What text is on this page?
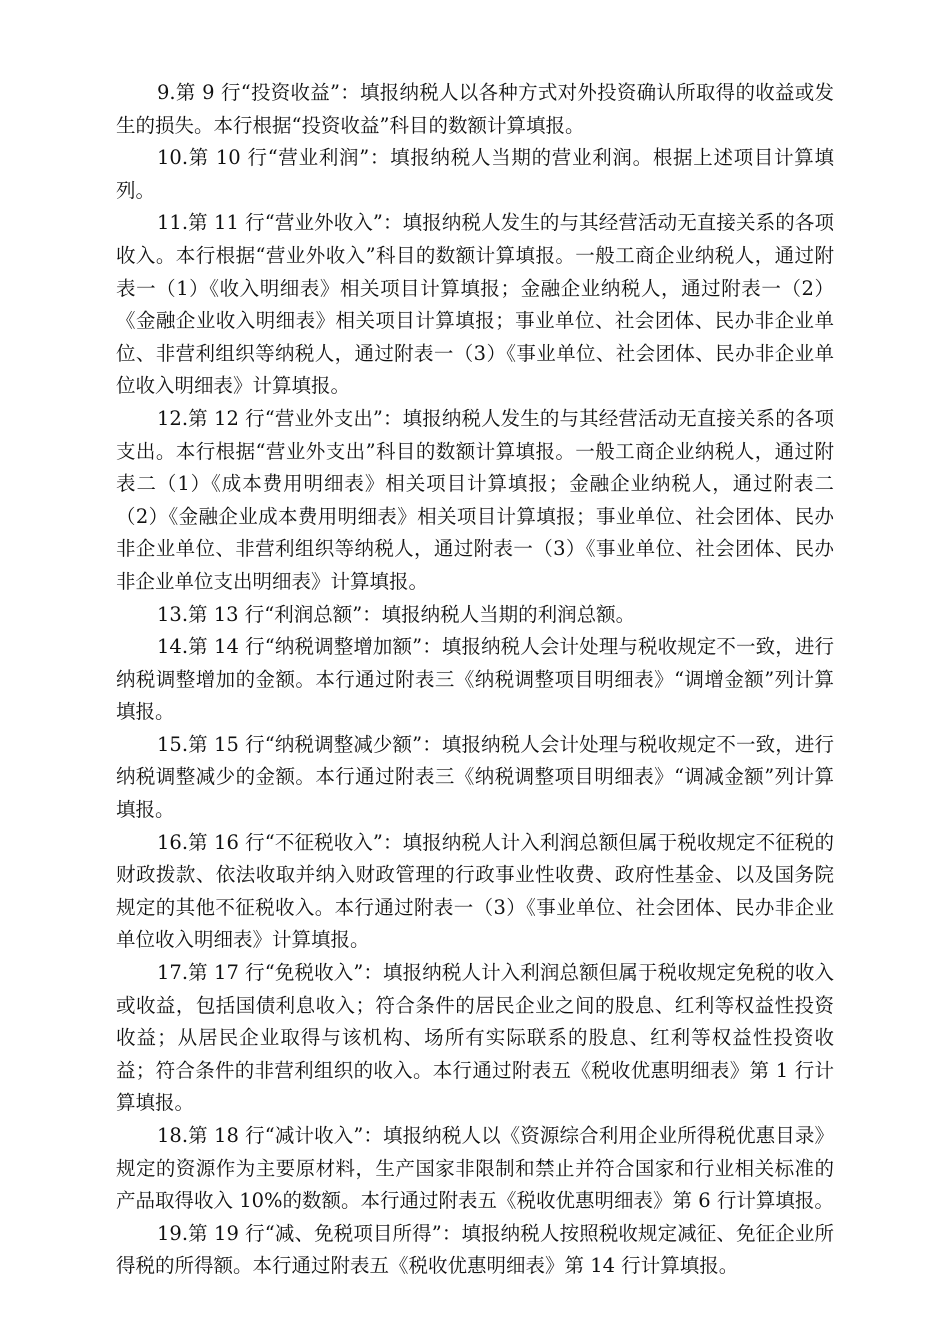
9.第 9 行“投资收益”：填报纳税人以各种方式对外投资确认所取得的收益或发生的损失。本行根据“投资收益”科目的数额计算填报。

10.第 10 行“营业利润”：填报纳税人当期的营业利润。根据上述项目计算填列。

11.第 11 行“营业外收入”：填报纳税人发生的与其经营活动无直接关系的各项收入。本行根据“营业外收入”科目的数额计算填报。一般工商企业纳税人，通过附表一（1）《收入明细表》相关项目计算填报；金融企业纳税人，通过附表一（2）《金融企业收入明细表》相关项目计算填报；事业单位、社会团体、民办非企业单位、非营利组织等纳税人，通过附表一（3）《事业单位、社会团体、民办非企业单位收入明细表》计算填报。

12.第 12 行“营业外支出”：填报纳税人发生的与其经营活动无直接关系的各项支出。本行根据“营业外支出”科目的数额计算填报。一般工商企业纳税人，通过附表二（1）《成本费用明细表》相关项目计算填报；金融企业纳税人，通过附表二（2）《金融企业成本费用明细表》相关项目计算填报；事业单位、社会团体、民办非企业单位、非营利组织等纳税人，通过附表一（3）《事业单位、社会团体、民办非企业单位支出明细表》计算填报。

13.第 13 行“利润总额”：填报纳税人当期的利润总额。

14.第 14 行“纳税调整增加额”：填报纳税人会计处理与税收规定不一致，进行纳税调整增加的金额。本行通过附表三《纳税调整项目明细表》“调增金额”列计算填报。

15.第 15 行“纳税调整减少额”：填报纳税人会计处理与税收规定不一致，进行纳税调整减少的金额。本行通过附表三《纳税调整项目明细表》“调减金额”列计算填报。

16.第 16 行“不征税收入”：填报纳税人计入利润总额但属于税收规定不征税的财政拨款、依法收取并纳入财政管理的行政事业性收费、政府性基金、以及国务院规定的其他不征税收入。本行通过附表一（3）《事业单位、社会团体、民办非企业单位收入明细表》计算填报。

17.第 17 行“免税收入”：填报纳税人计入利润总额但属于税收规定免税的收入或收益，包括国债利息收入；符合条件的居民企业之间的股息、红利等权益性投资收益；从居民企业取得与该机构、场所有实际联系的股息、红利等权益性投资收益；符合条件的非营利组织的收入。本行通过附表五《税收优惠明细表》第 1 行计算填报。

18.第 18 行“减计收入”：填报纳税人以《资源综合利用企业所得税优惠目录》规定的资源作为主要原材料，生产国家非限制和禁止并符合国家和行业相关标准的产品取得收入 10%的数额。本行通过附表五《税收优惠明细表》第 6 行计算填报。

19.第 19 行“减、免税项目所得”：填报纳税人按照税收规定减征、免征企业所得税的所得额。本行通过附表五《税收优惠明细表》第 14 行计算填报。
